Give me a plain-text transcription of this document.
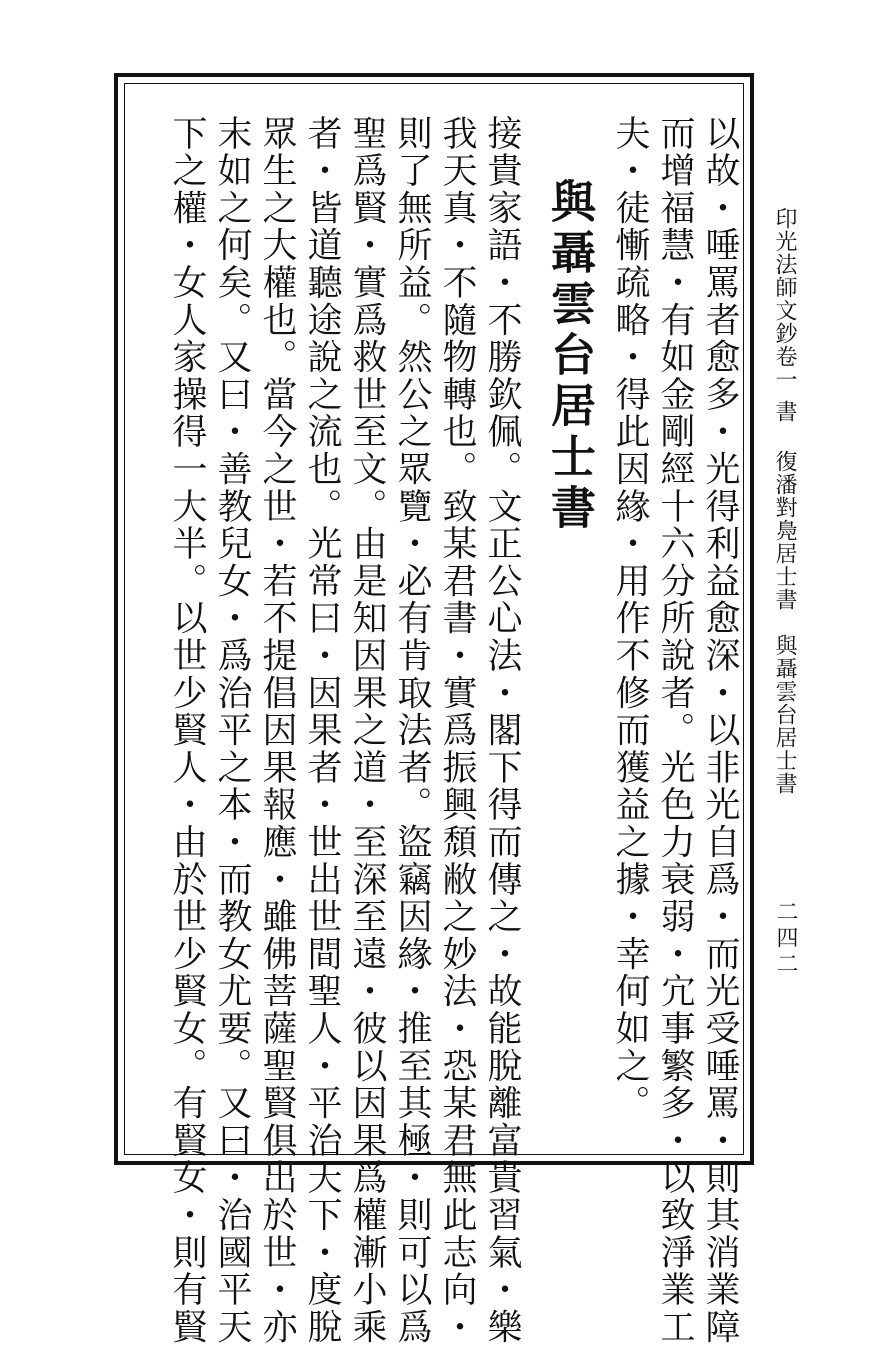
印光法師文鈔卷一
書
復潘對鳧居士書　與聶雲台居士書
二四二
以故・唾罵者愈多・光得利益愈深・以非光自爲・而光受唾罵・則其消業障
而增福慧・有如金剛經十六分所說者。光色力衰弱・宂事繁多・以致淨業工
夫・徒慚疏略・得此因緣・用作不修而獲益之據・幸何如之。
與聶雲台居士書
接貴家語・不勝欽佩。文正公心法・閣下得而傳之・故能脫離富貴習氣・樂
我天真・不隨物轉也。致某君書・實爲振興頹敝之妙法・恐某君無此志向・
則了無所益。然公之眾覽・必有肯取法者。盜竊因緣・推至其極・則可以爲
聖爲賢・實爲救世至文。由是知因果之道・至深至遠・彼以因果爲權漸小乘
者・皆道聽途說之流也。光常曰・因果者・世出世間聖人・平治天下・度脫
眾生之大權也。當今之世・若不提倡因果報應・雖佛菩薩聖賢俱出於世・亦
末如之何矣。又曰・善教兒女・爲治平之本・而教女尤要。又曰・治國平天
下之權・女人家操得一大半。以世少賢人・由於世少賢女。有賢女・則有賢
